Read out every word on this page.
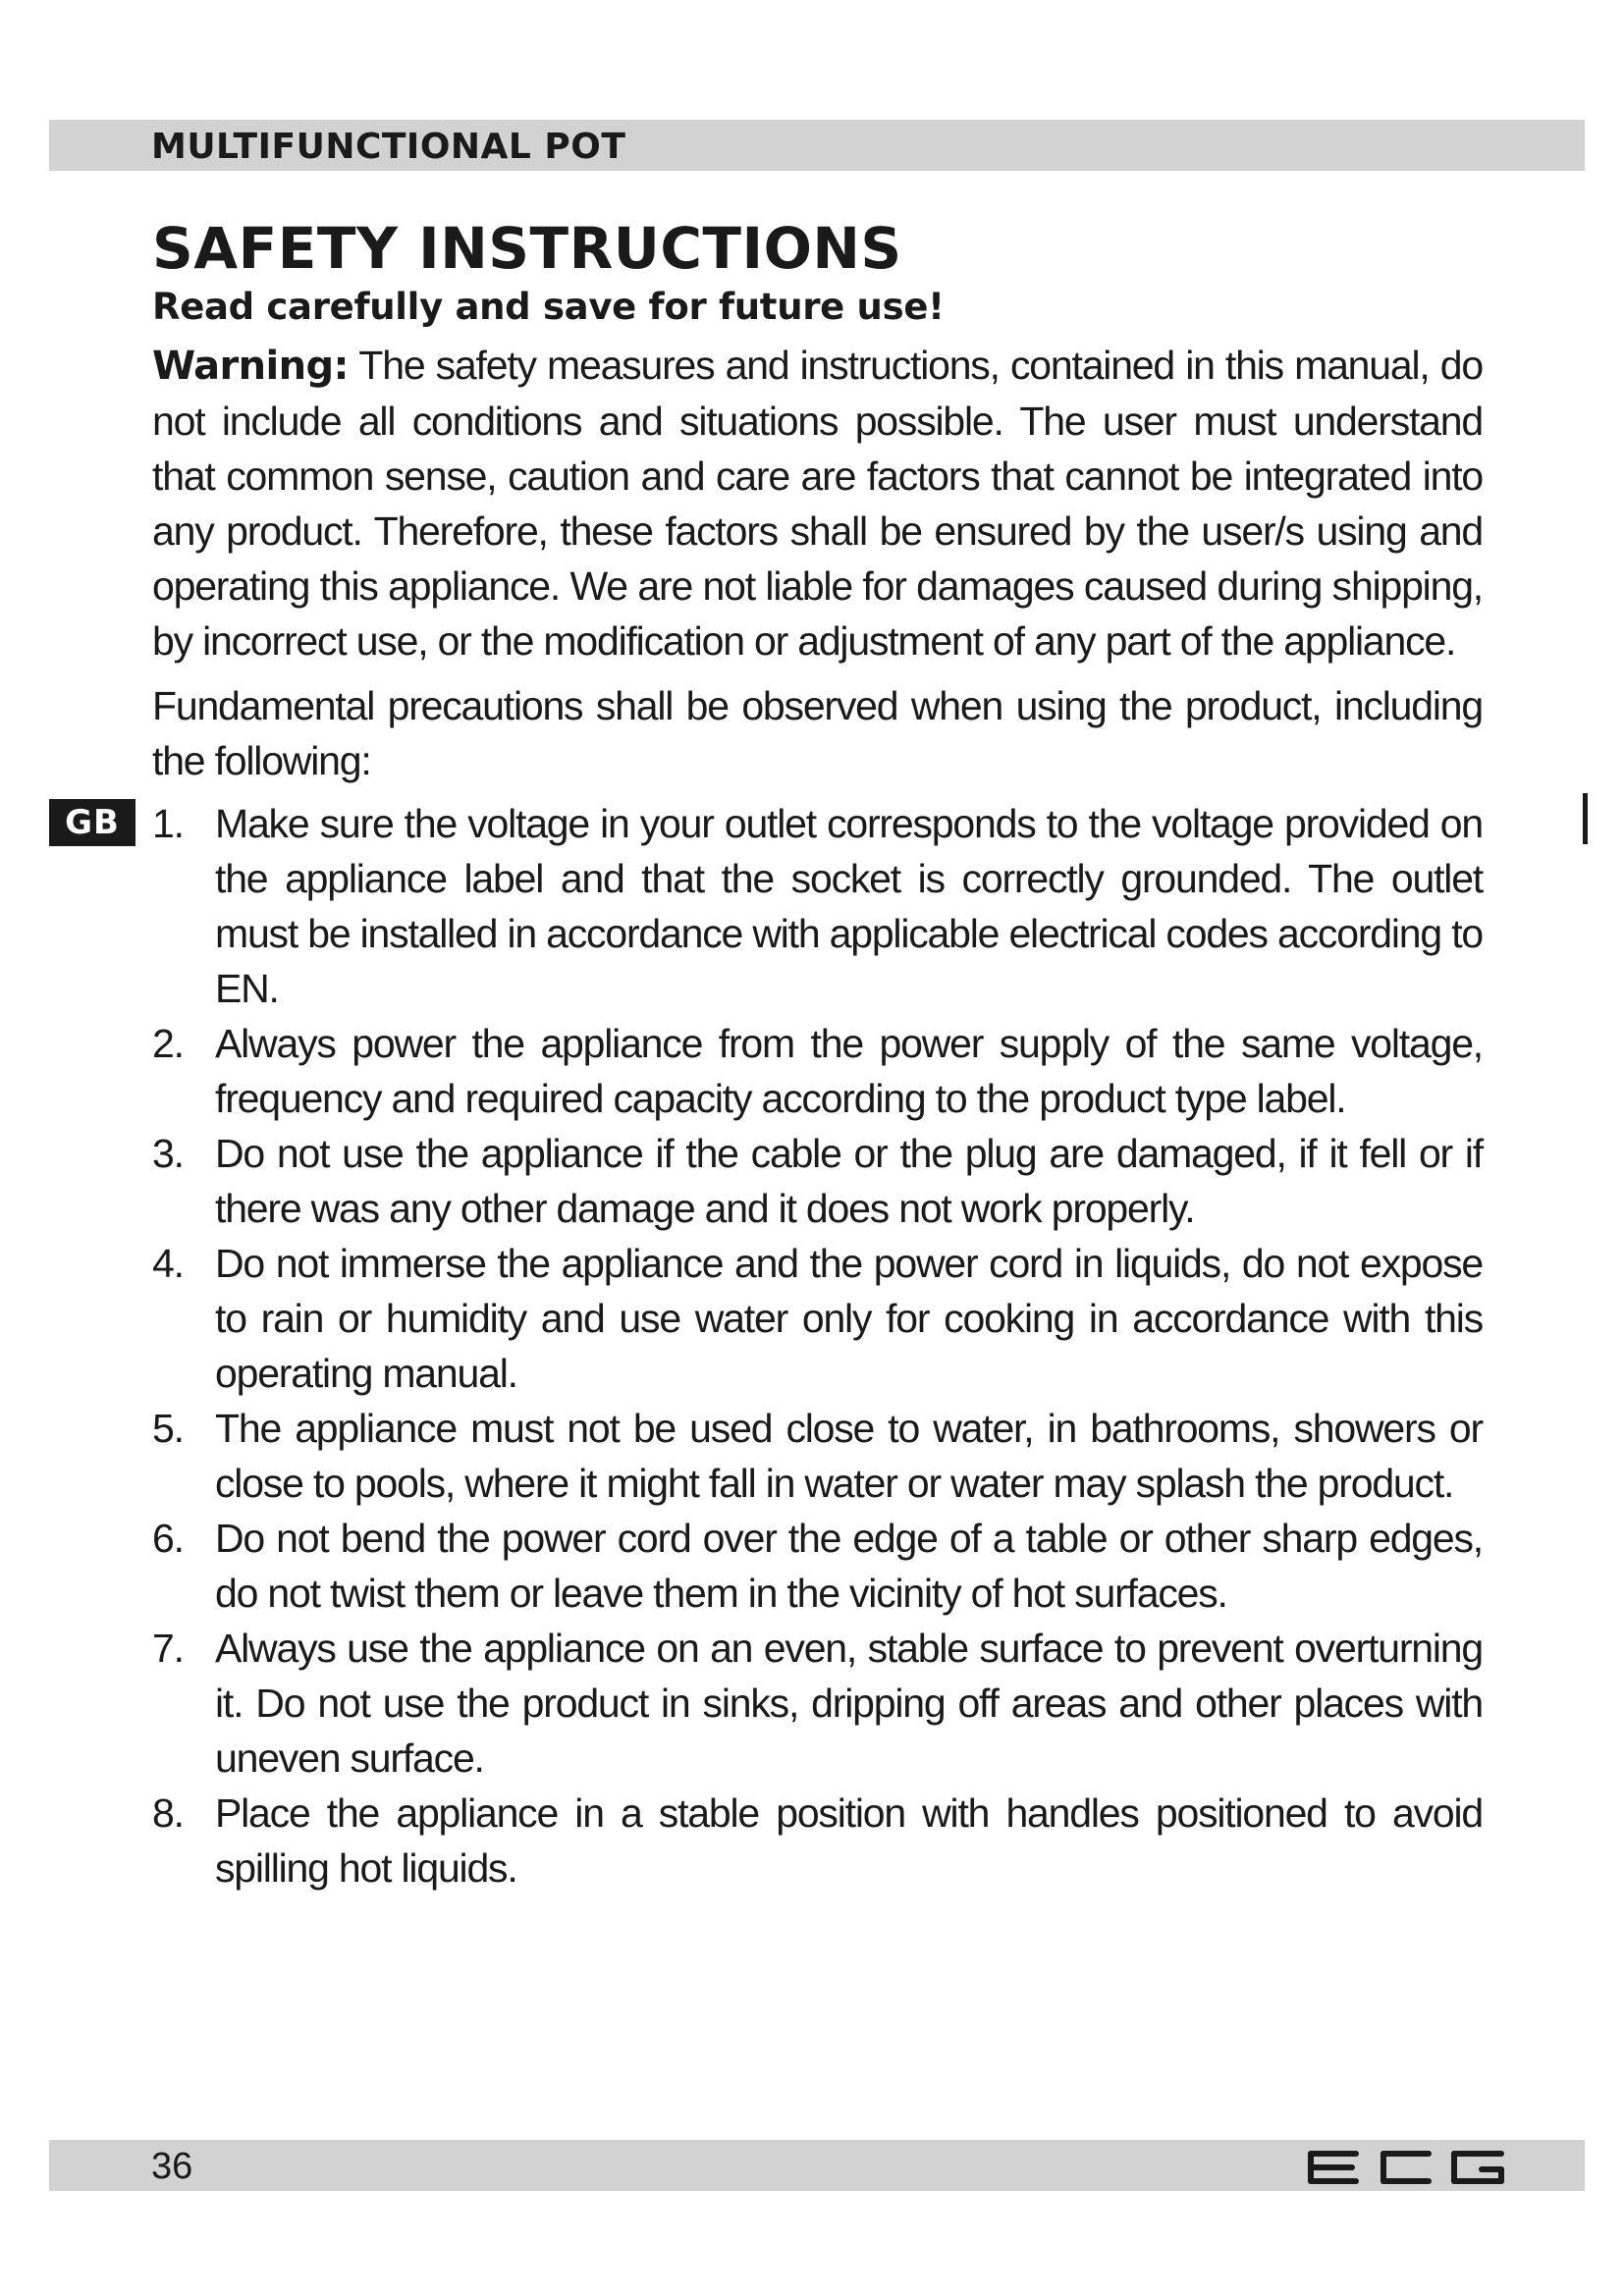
MULTIFUNCTIONAL POT
GB
SAFETY INSTRUCTIONS

Read carefully and save for future use!

Warning: The safety measures and instructions, contained in this manual, do not include all conditions and situations possible. The user must understand that common sense, caution and care are factors that cannot be integrated into any product. Therefore, these factors shall be ensured by the user/s using and operating this appliance. We are not liable for damages caused during shipping, by incorrect use, or the modification or adjustment of any part of the appliance.

Fundamental precautions shall be observed when using the product, including the following:

1. Make sure the voltage in your outlet corresponds to the voltage provided on the appliance label and that the socket is correctly grounded. The outlet must be installed in accordance with applicable electrical codes according to EN.
2. Always power the appliance from the power supply of the same voltage, frequency and required capacity according to the product type label.
3. Do not use the appliance if the cable or the plug are damaged, if it fell or if there was any other damage and it does not work properly.
4. Do not immerse the appliance and the power cord in liquids, do not expose to rain or humidity and use water only for cooking in accordance with this operating manual.
5. The appliance must not be used close to water, in bathrooms, showers or close to pools, where it might fall in water or water may splash the product.
6. Do not bend the power cord over the edge of a table or other sharp edges, do not twist them or leave them in the vicinity of hot surfaces.
7. Always use the appliance on an even, stable surface to prevent overturning it. Do not use the product in sinks, dripping off areas and other places with uneven surface.
8. Place the appliance in a stable position with handles positioned to avoid spilling hot liquids.
36
